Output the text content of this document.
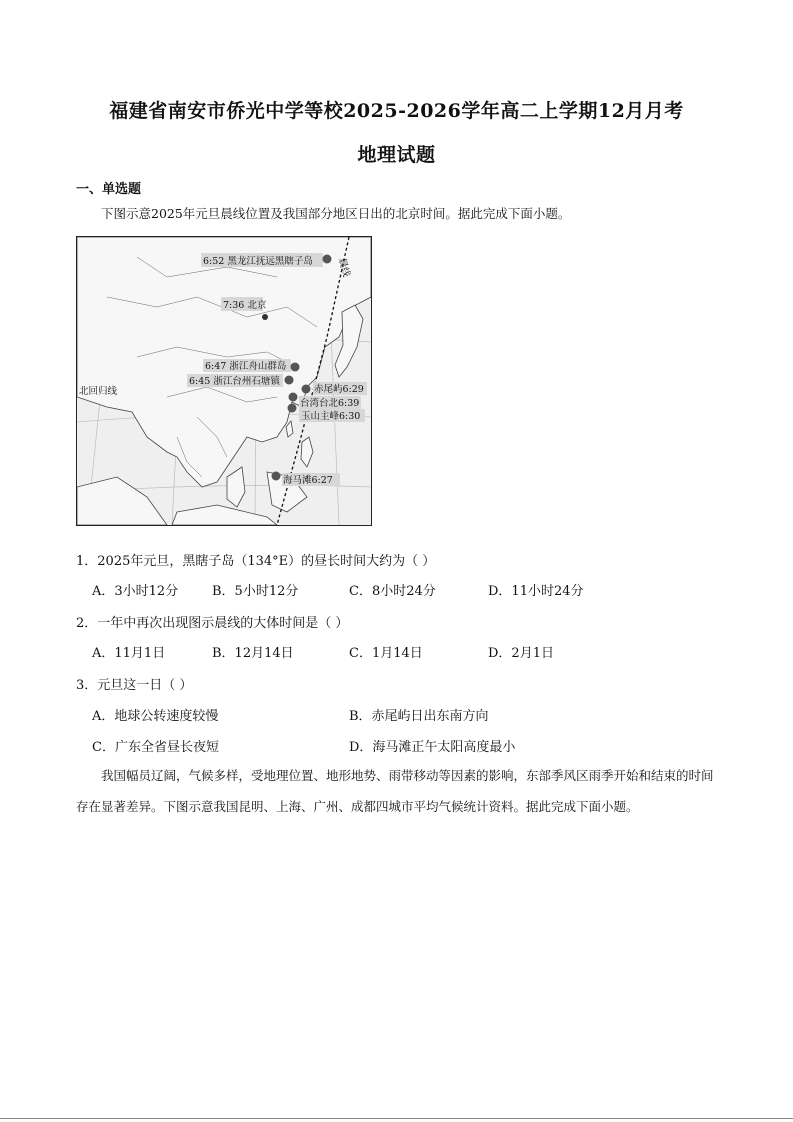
福建省南安市侨光中学等校2025-2026学年高二上学期12月月考
地理试题
一、单选题
下图示意2025年元旦晨线位置及我国部分地区日出的北京时间。据此完成下面小题。
北回归线
晨线
6:52 黑龙江抚远黑瞎子岛
7:36 北京
6:47 浙江舟山群岛
6:45 浙江台州石塘镇
赤尾屿6:29
台湾台北6:39
玉山主峰6:30
海马滩6:27
1．2025年元旦，黑瞎子岛（134°E）的昼长时间大约为（ ）
A．3小时12分	B．5小时12分	C．8小时24分	D．11小时24分
2．一年中再次出现图示晨线的大体时间是（ ）
A．11月1日	B．12月14日	C．1月14日	D．2月1日
3．元旦这一日（ ）
A．地球公转速度较慢	B．赤尾屿日出东南方向
C．广东全省昼长夜短	D．海马滩正午太阳高度最小
我国幅员辽阔，气候多样，受地理位置、地形地势、雨带移动等因素的影响，东部季风区雨季开始和结束的时间存在显著差异。下图示意我国昆明、上海、广州、成都四城市平均气候统计资料。据此完成下面小题。
